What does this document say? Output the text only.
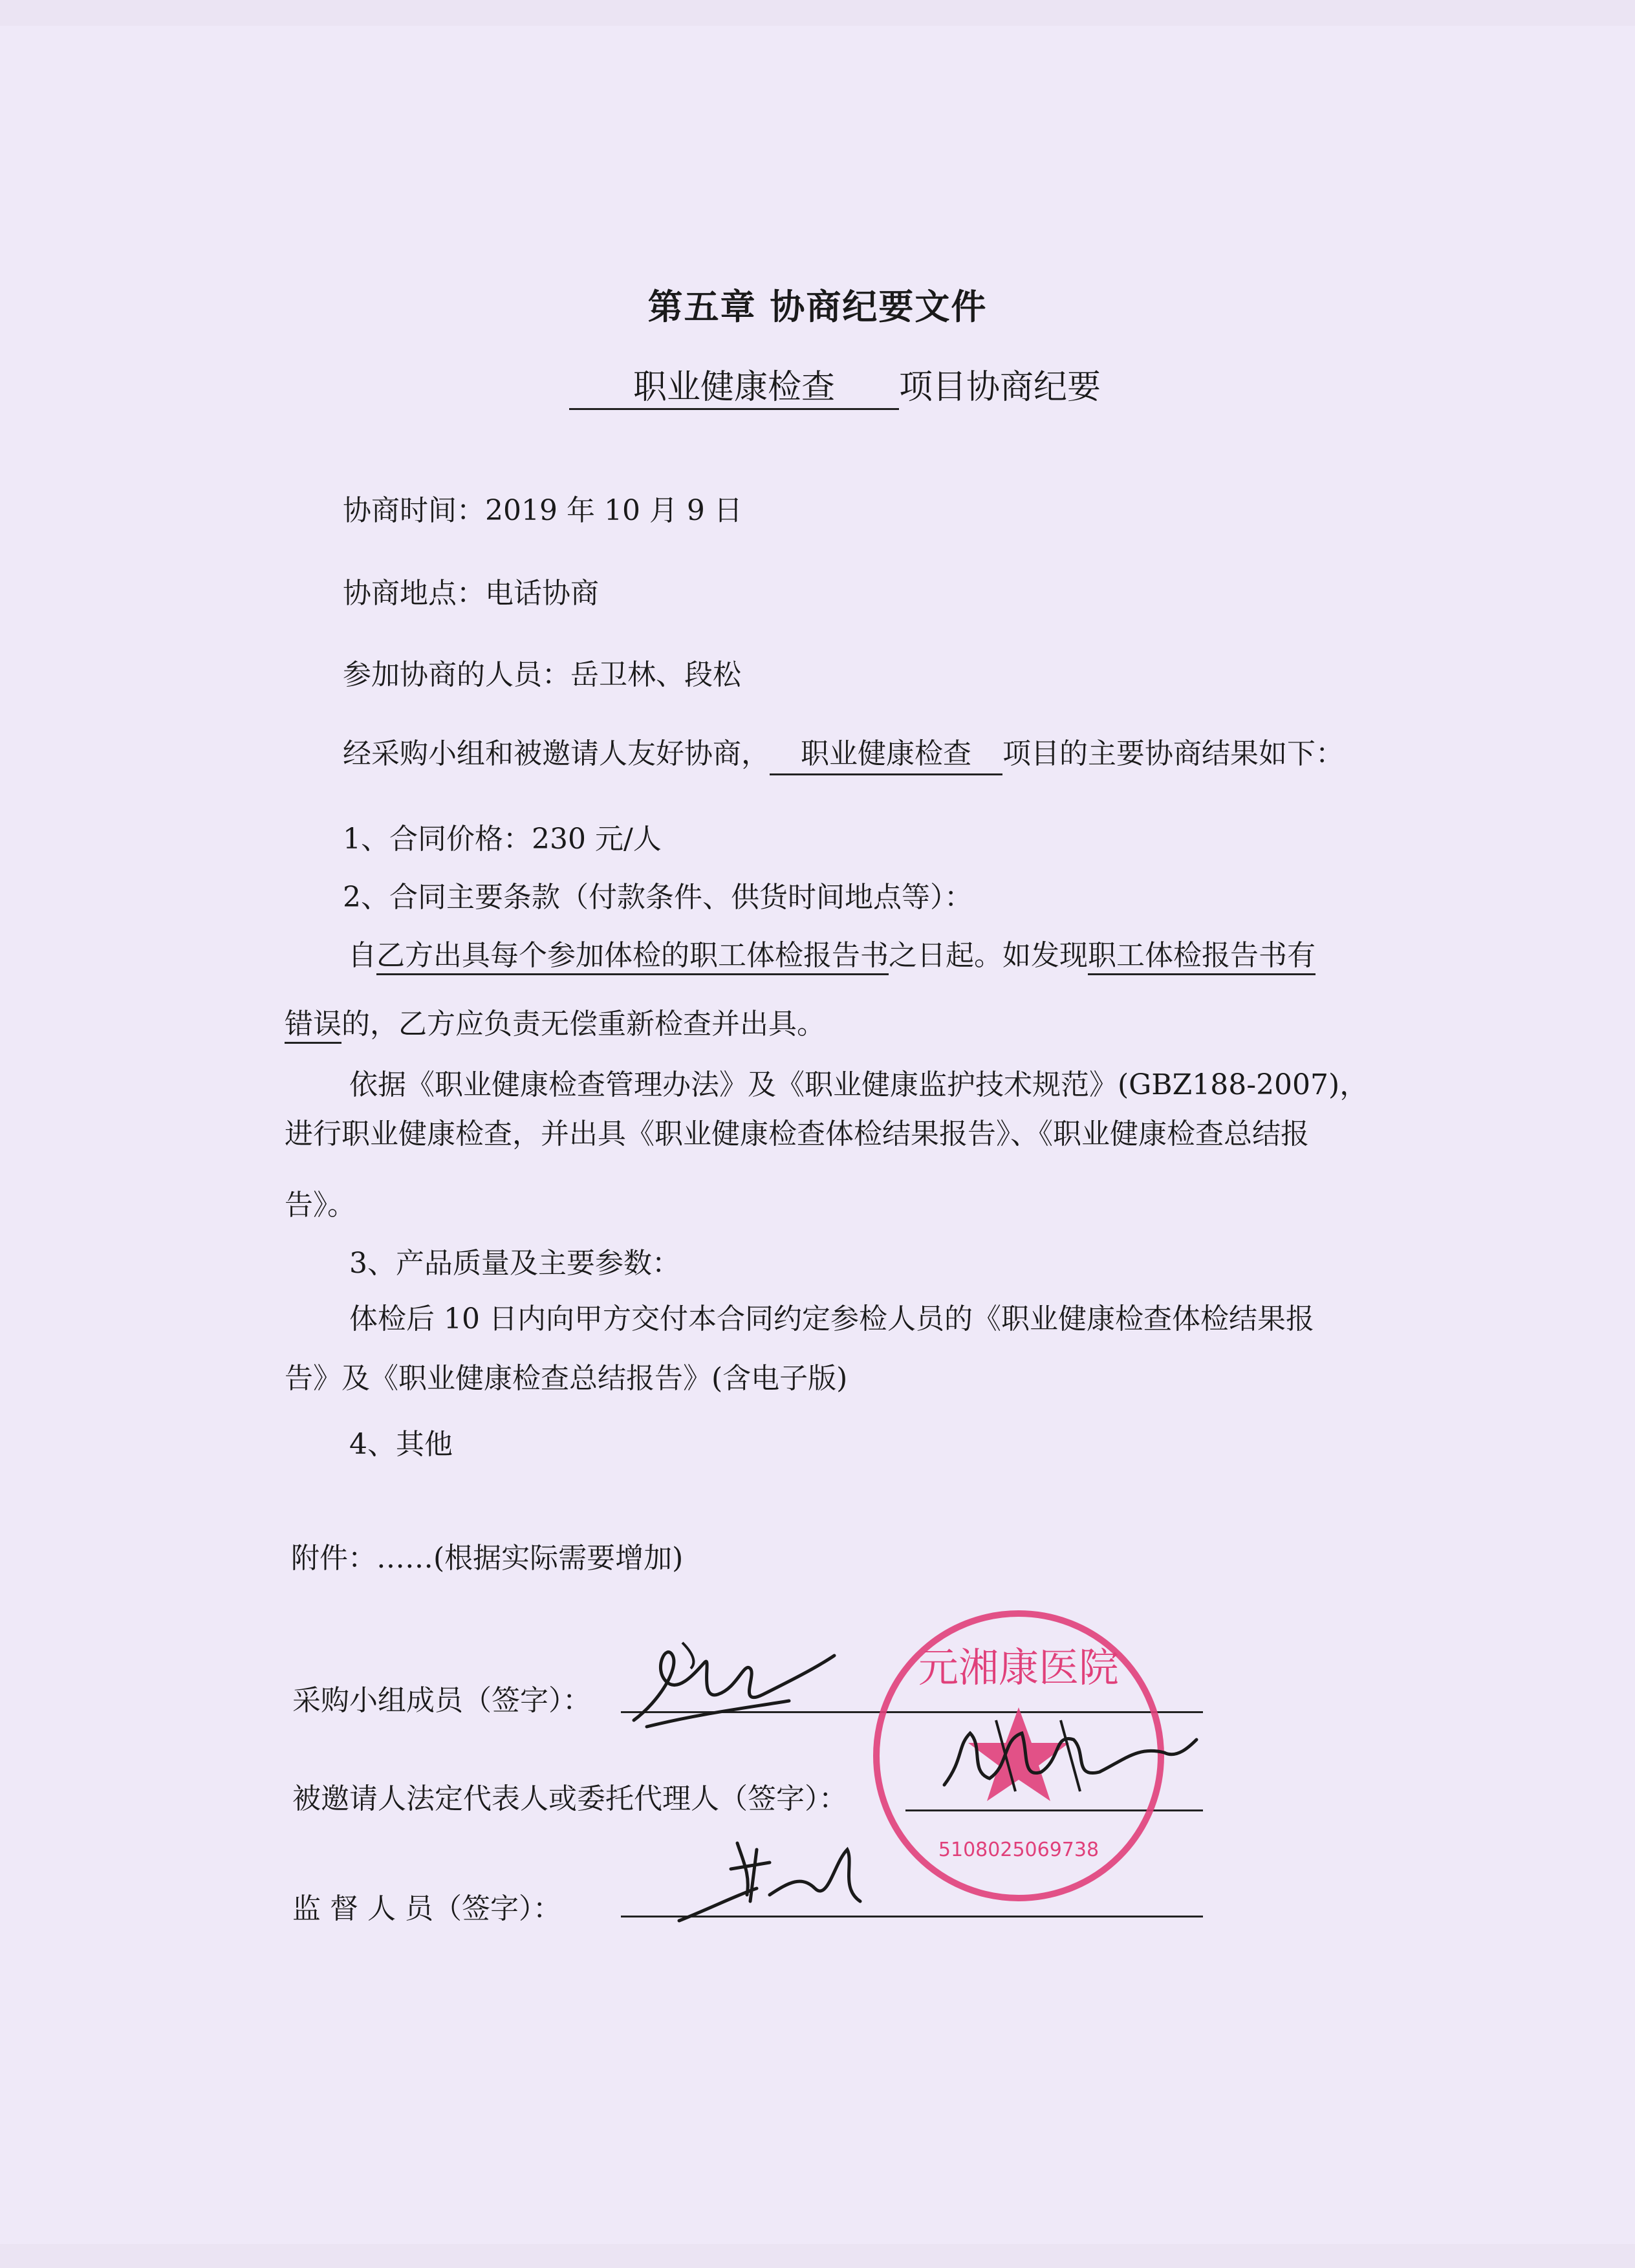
第五章 协商纪要文件
职业健康检查 项目协商纪要
协商时间：2019 年 10 月 9 日
协商地点：电话协商
参加协商的人员：岳卫林、段松
经采购小组和被邀请人友好协商， 职业健康检查 项目的主要协商结果如下：
1、合同价格：230 元/人
2、合同主要条款（付款条件、供货时间地点等）：
自乙方出具每个参加体检的职工体检报告书之日起。如发现职工体检报告书有
错误的，乙方应负责无偿重新检查并出具。
依据《职业健康检查管理办法》及《职业健康监护技术规范》(GBZ188-2007)，
进行职业健康检查，并出具《职业健康检查体检结果报告》、《职业健康检查总结报
告》。
3、产品质量及主要参数：
体检后 10 日内向甲方交付本合同约定参检人员的《职业健康检查体检结果报
告》及《职业健康检查总结报告》(含电子版)
4、其他
附件：……(根据实际需要增加)
采购小组成员（签字）：
被邀请人法定代表人或委托代理人（签字）：
监 督 人 员（签字）：
元湘康医院
5108025069738
